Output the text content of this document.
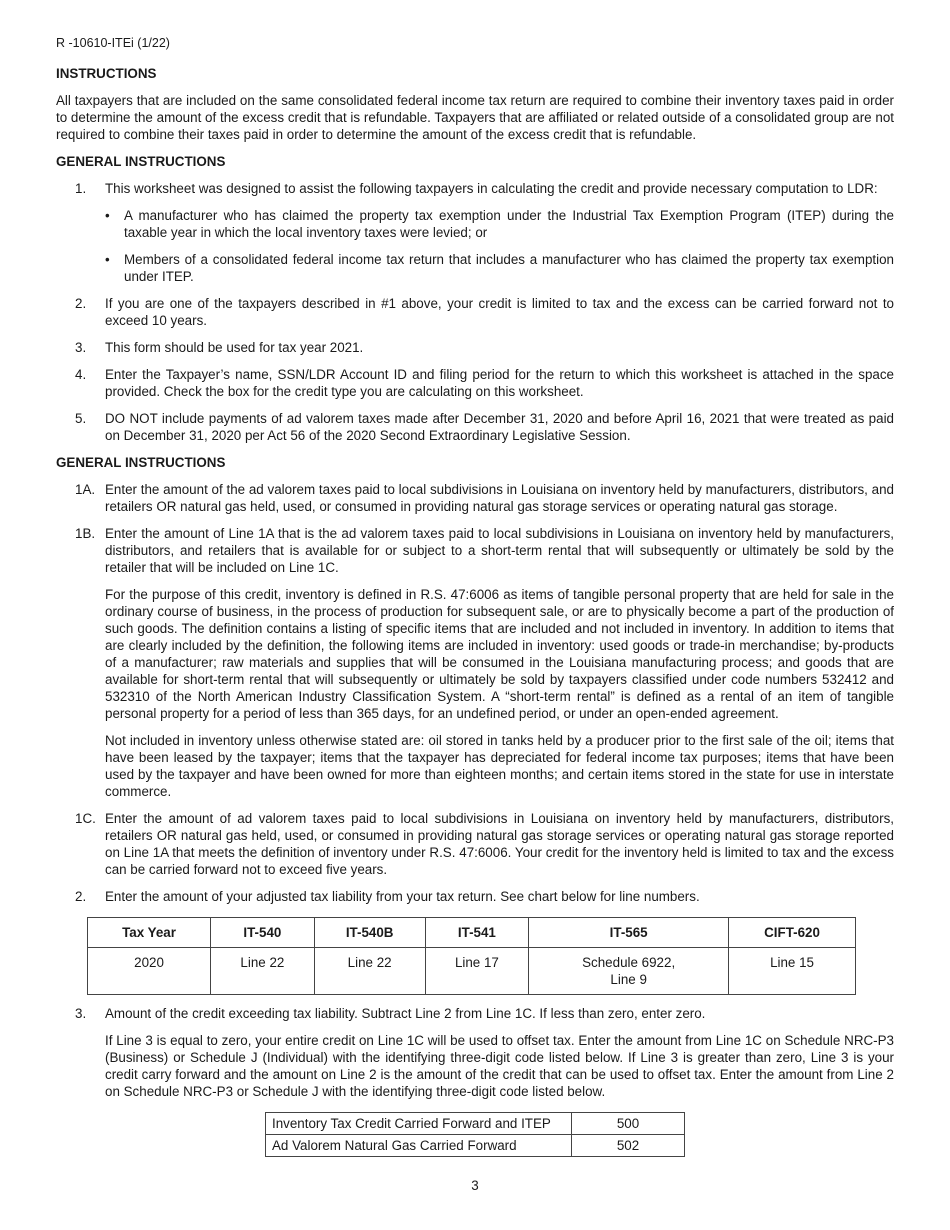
R -10610-ITEi (1/22)

INSTRUCTIONS

All taxpayers that are included on the same consolidated federal income tax return are required to combine their inventory taxes paid in order to determine the amount of the excess credit that is refundable. Taxpayers that are affiliated or related outside of a consolidated group are not required to combine their taxes paid in order to determine the amount of the excess credit that is refundable.

GENERAL INSTRUCTIONS

1. This worksheet was designed to assist the following taxpayers in calculating the credit and provide necessary computation to LDR:
• A manufacturer who has claimed the property tax exemption under the Industrial Tax Exemption Program (ITEP) during the taxable year in which the local inventory taxes were levied; or
• Members of a consolidated federal income tax return that includes a manufacturer who has claimed the property tax exemption under ITEP.
2. If you are one of the taxpayers described in #1 above, your credit is limited to tax and the excess can be carried forward not to exceed 10 years.
3. This form should be used for tax year 2021.
4. Enter the Taxpayer’s name, SSN/LDR Account ID and filing period for the return to which this worksheet is attached in the space provided. Check the box for the credit type you are calculating on this worksheet.
5. DO NOT include payments of ad valorem taxes made after December 31, 2020 and before April 16, 2021 that were treated as paid on December 31, 2020 per Act 56 of the 2020 Second Extraordinary Legislative Session.

GENERAL INSTRUCTIONS

1A. Enter the amount of the ad valorem taxes paid to local subdivisions in Louisiana on inventory held by manufacturers, distributors, and retailers OR natural gas held, used, or consumed in providing natural gas storage services or operating natural gas storage.
1B. Enter the amount of Line 1A that is the ad valorem taxes paid to local subdivisions in Louisiana on inventory held by manufacturers, distributors, and retailers that is available for or subject to a short-term rental that will subsequently or ultimately be sold by the retailer that will be included on Line 1C.
For the purpose of this credit, inventory is defined in R.S. 47:6006 as items of tangible personal property that are held for sale in the ordinary course of business, in the process of production for subsequent sale, or are to physically become a part of the production of such goods. The definition contains a listing of specific items that are included and not included in inventory. In addition to items that are clearly included by the definition, the following items are included in inventory: used goods or trade-in merchandise; by-products of a manufacturer; raw materials and supplies that will be consumed in the Louisiana manufacturing process; and goods that are available for short-term rental that will subsequently or ultimately be sold by taxpayers classified under code numbers 532412 and 532310 of the North American Industry Classification System. A “short-term rental” is defined as a rental of an item of tangible personal property for a period of less than 365 days, for an undefined period, or under an open-ended agreement.
Not included in inventory unless otherwise stated are: oil stored in tanks held by a producer prior to the first sale of the oil; items that have been leased by the taxpayer; items that the taxpayer has depreciated for federal income tax purposes; items that have been used by the taxpayer and have been owned for more than eighteen months; and certain items stored in the state for use in interstate commerce.
1C. Enter the amount of ad valorem taxes paid to local subdivisions in Louisiana on inventory held by manufacturers, distributors, retailers OR natural gas held, used, or consumed in providing natural gas storage services or operating natural gas storage reported on Line 1A that meets the definition of inventory under R.S. 47:6006. Your credit for the inventory held is limited to tax and the excess can be carried forward not to exceed five years.
2. Enter the amount of your adjusted tax liability from your tax return. See chart below for line numbers.
Tax Year	IT-540	IT-540B	IT-541	IT-565	CIFT-620
2020	Line 22	Line 22	Line 17	Schedule 6922,
Line 9	Line 15
3. Amount of the credit exceeding tax liability. Subtract Line 2 from Line 1C. If less than zero, enter zero.
If Line 3 is equal to zero, your entire credit on Line 1C will be used to offset tax. Enter the amount from Line 1C on Schedule NRC-P3 (Business) or Schedule J (Individual) with the identifying three-digit code listed below. If Line 3 is greater than zero, Line 3 is your credit carry forward and the amount on Line 2 is the amount of the credit that can be used to offset tax. Enter the amount from Line 2 on Schedule NRC-P3 or Schedule J with the identifying three-digit code listed below.
Inventory Tax Credit Carried Forward and ITEP	500
Ad Valorem Natural Gas Carried Forward	502
3
